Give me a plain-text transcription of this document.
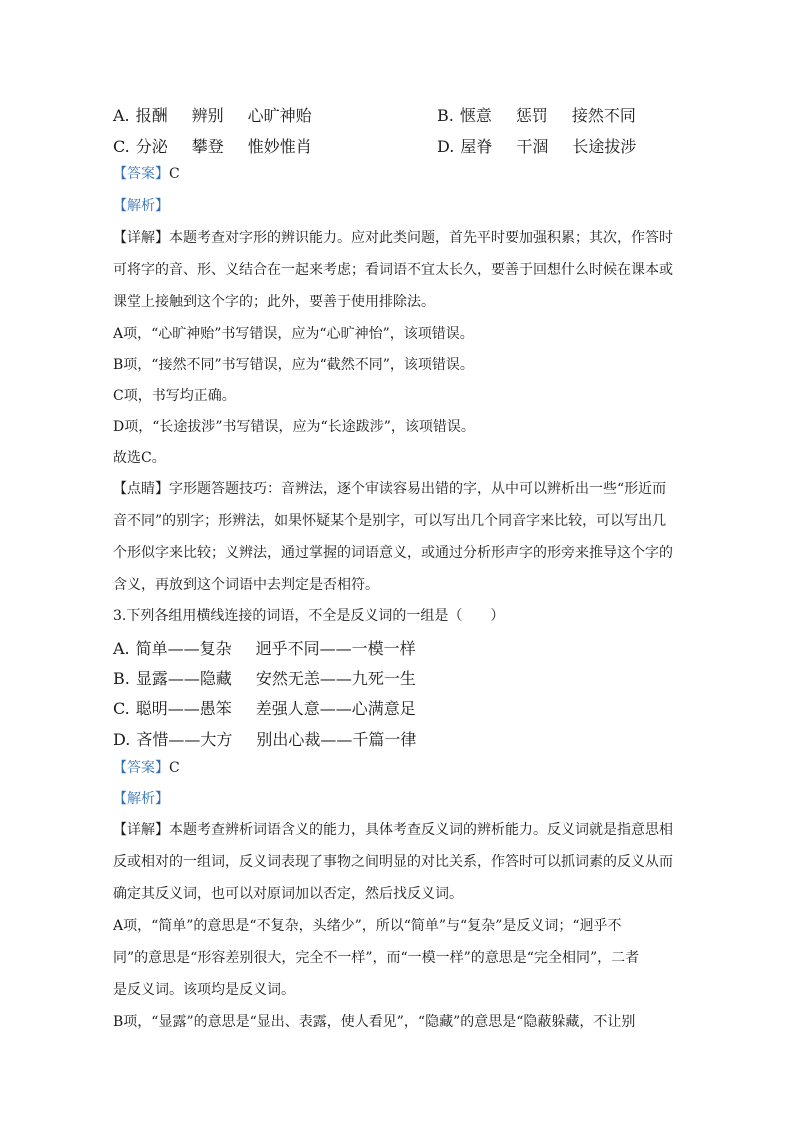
A. 报酬 辨别 心旷神贻	B. 惬意 惩罚 接然不同
C. 分泌 攀登 惟妙惟肖	D. 屋脊 干涸 长途拔涉
【答案】C
【解析】
【详解】本题考查对字形的辨识能力。应对此类问题，首先平时要加强积累；其次，作答时
可将字的音、形、义结合在一起来考虑；看词语不宜太长久，要善于回想什么时候在课本或
课堂上接触到这个字的；此外，要善于使用排除法。
A项，“心旷神贻”书写错误，应为“心旷神怡”，该项错误。
B项，“接然不同”书写错误，应为“截然不同”，该项错误。
C项，书写均正确。
D项，“长途拔涉”书写错误，应为“长途跋涉”，该项错误。
故选C。
【点睛】字形题答题技巧：音辨法，逐个审读容易出错的字，从中可以辨析出一些“形近而
音不同”的别字；形辨法，如果怀疑某个是别字，可以写出几个同音字来比较，可以写出几
个形似字来比较；义辨法，通过掌握的词语意义，或通过分析形声字的形旁来推导这个字的
含义，再放到这个词语中去判定是否相符。
3.下列各组用横线连接的词语，不全是反义词的一组是（　　）
A. 简单——复杂 迥乎不同——一模一样
B. 显露——隐藏 安然无恙——九死一生
C. 聪明——愚笨 差强人意——心满意足
D. 吝惜——大方 别出心裁——千篇一律
【答案】C
【解析】
【详解】本题考查辨析词语含义的能力，具体考查反义词的辨析能力。反义词就是指意思相
反或相对的一组词，反义词表现了事物之间明显的对比关系，作答时可以抓词素的反义从而
确定其反义词，也可以对原词加以否定，然后找反义词。
A项，“简单”的意思是“不复杂，头绪少”，所以“简单”与“复杂”是反义词；“迥乎不
同”的意思是“形容差别很大，完全不一样”，而“一模一样”的意思是“完全相同”，二者
是反义词。该项均是反义词。
B项，“显露”的意思是“显出、表露，使人看见”，“隐藏”的意思是“隐蔽躲藏，不让别
